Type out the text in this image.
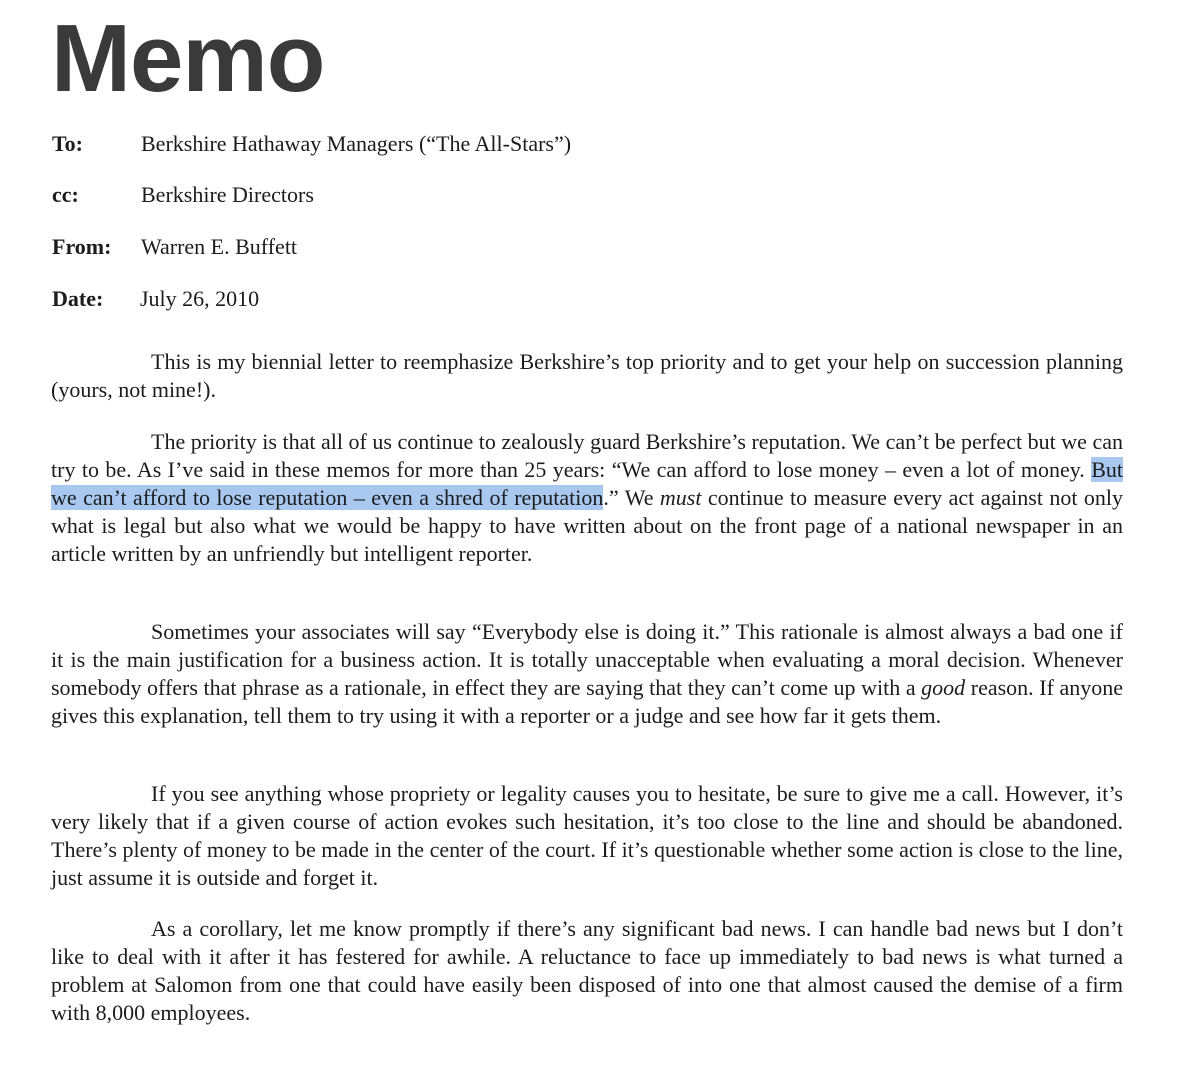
Memo
To:	Berkshire Hathaway Managers (“The All-Stars”)
cc:	Berkshire Directors
From: Warren E. Buffett
Date: July 26, 2010

This is my biennial letter to reemphasize Berkshire’s top priority and to get your help on succession planning (yours, not mine!).

The priority is that all of us continue to zealously guard Berkshire’s reputation. We can’t be perfect but we can try to be. As I’ve said in these memos for more than 25 years: “We can afford to lose money – even a lot of money. But we can’t afford to lose reputation – even a shred of reputation.” We must continue to measure every act against not only what is legal but also what we would be happy to have written about on the front page of a national newspaper in an article written by an unfriendly but intelligent reporter.

Sometimes your associates will say “Everybody else is doing it.” This rationale is almost always a bad one if it is the main justification for a business action. It is totally unacceptable when evaluating a moral decision. Whenever somebody offers that phrase as a rationale, in effect they are saying that they can’t come up with a good reason. If anyone gives this explanation, tell them to try using it with a reporter or a judge and see how far it gets them.

If you see anything whose propriety or legality causes you to hesitate, be sure to give me a call. However, it’s very likely that if a given course of action evokes such hesitation, it’s too close to the line and should be abandoned. There’s plenty of money to be made in the center of the court. If it’s questionable whether some action is close to the line, just assume it is outside and forget it.

As a corollary, let me know promptly if there’s any significant bad news. I can handle bad news but I don’t like to deal with it after it has festered for awhile. A reluctance to face up immediately to bad news is what turned a problem at Salomon from one that could have easily been disposed of into one that almost caused the demise of a firm with 8,000 employees.
